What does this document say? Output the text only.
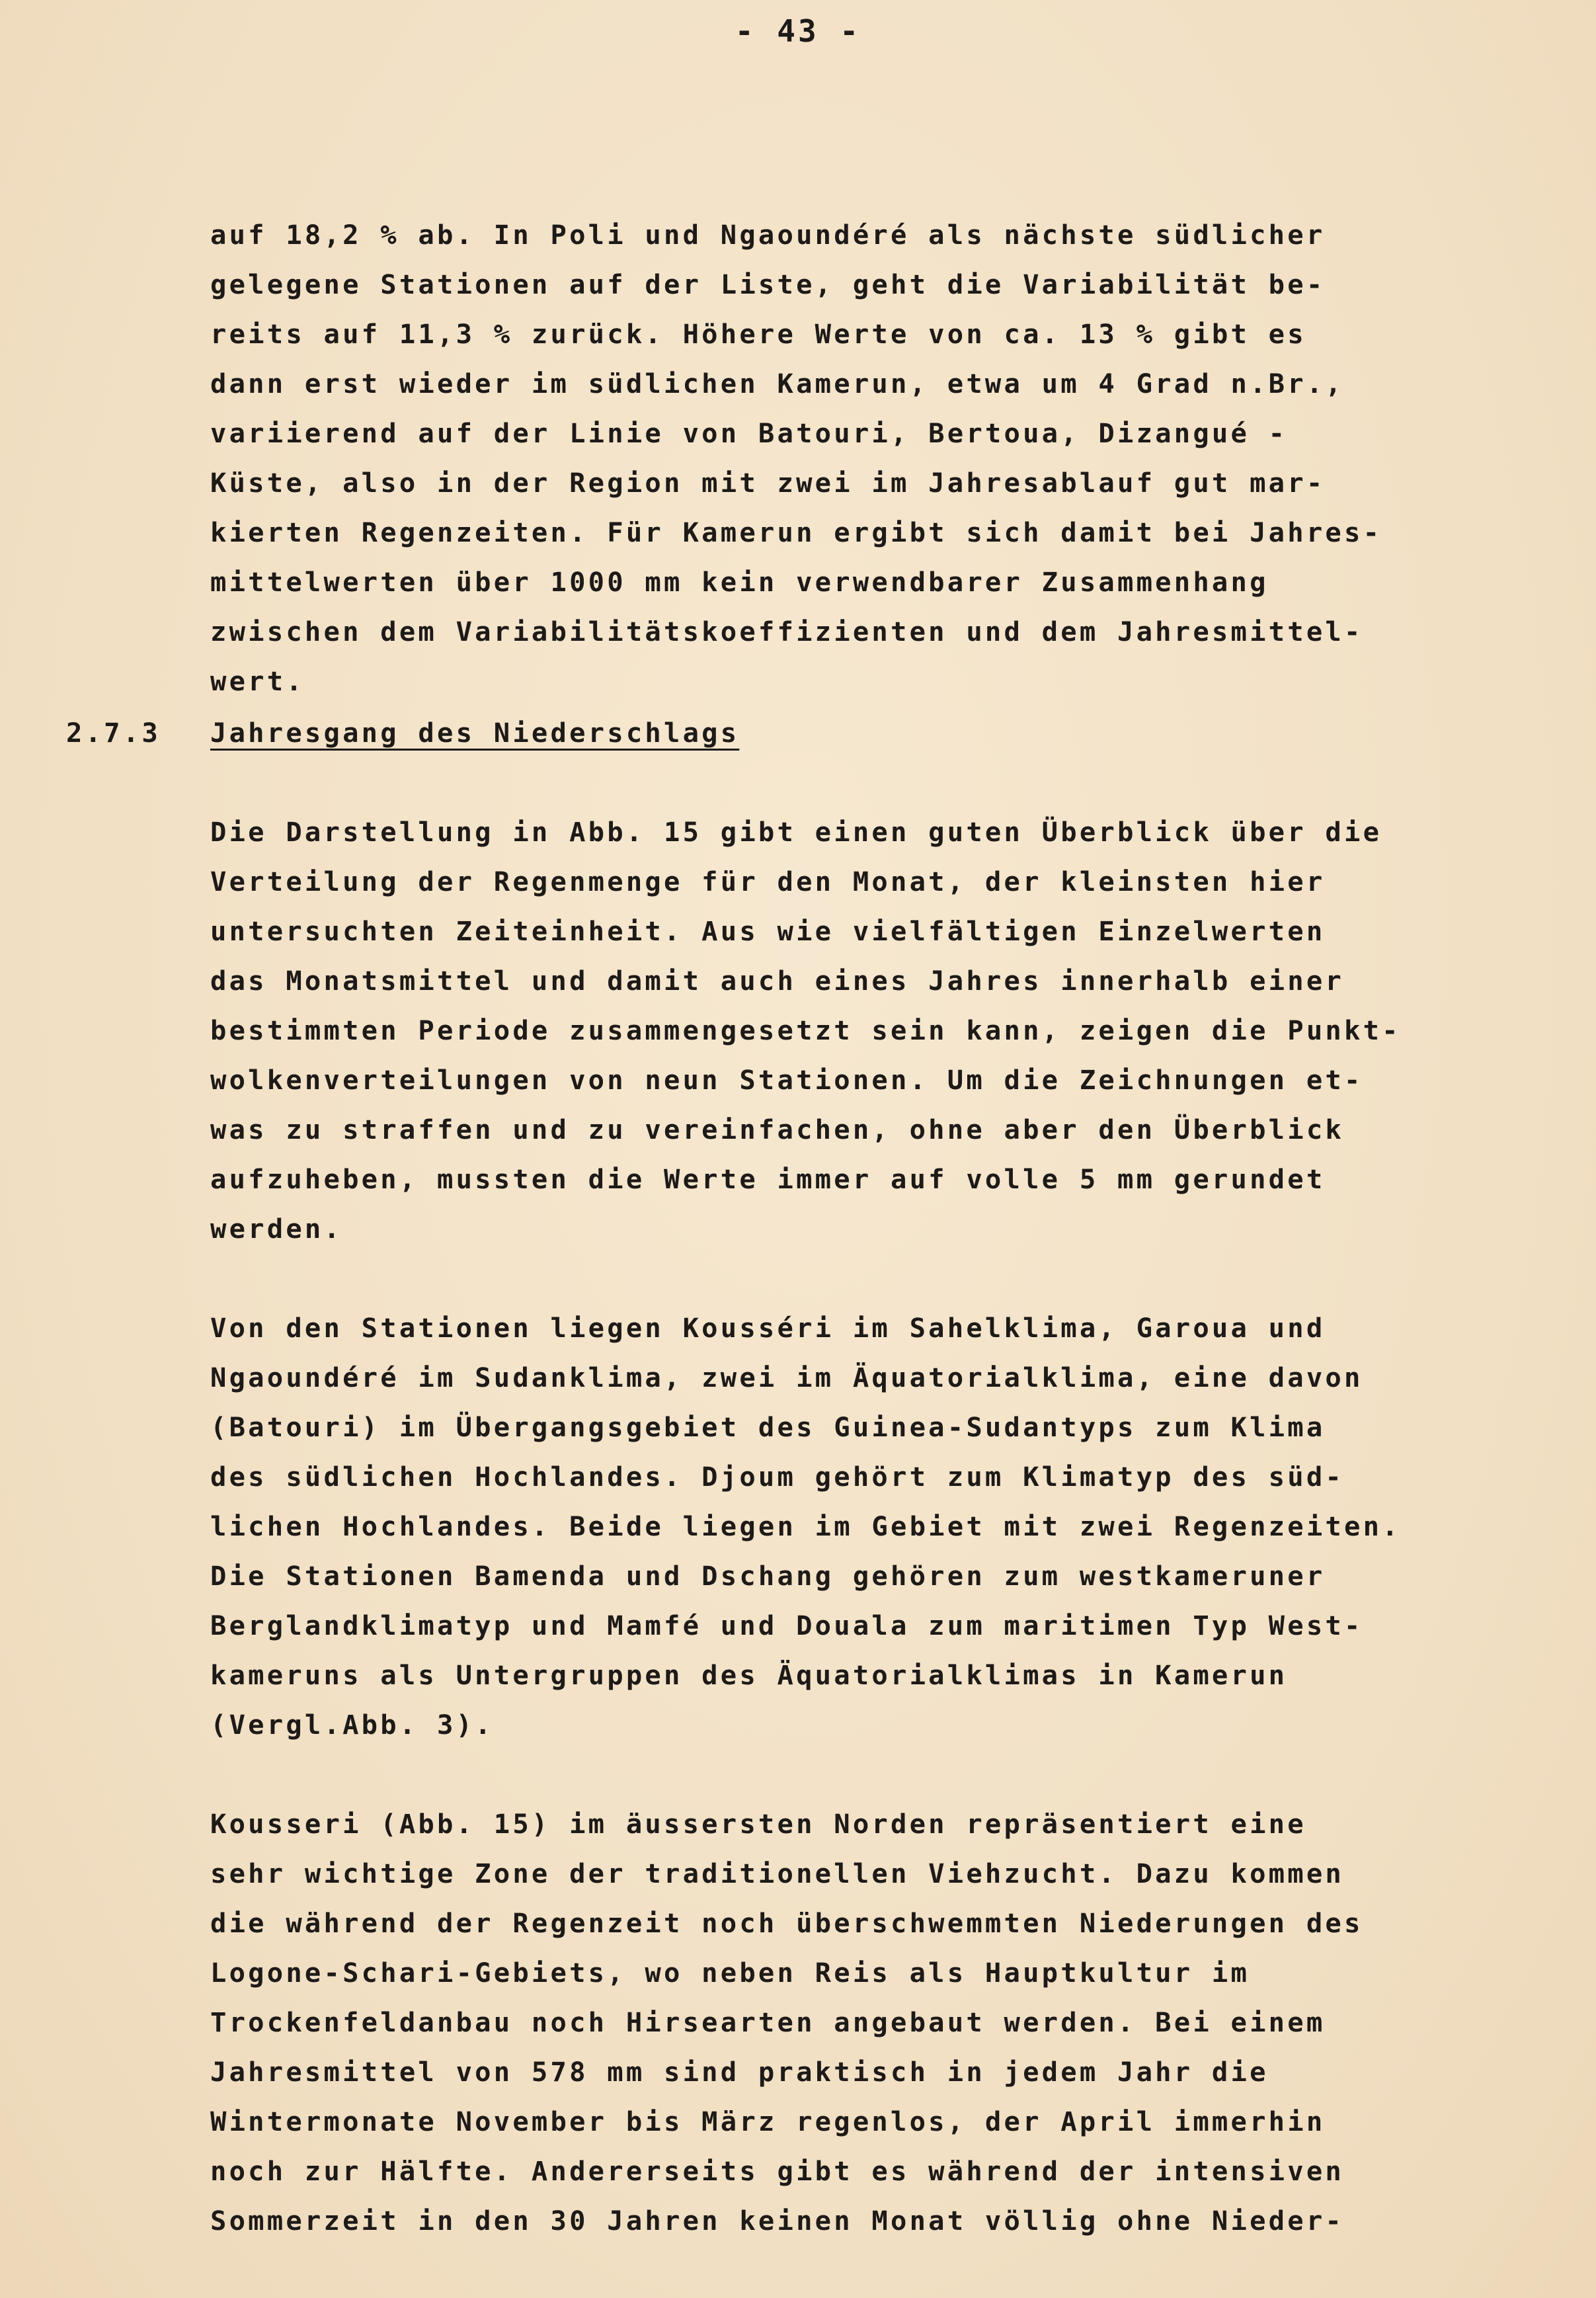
- 43 -
auf 18,2 % ab. In Poli und Ngaoundéré als nächste südlicher
gelegene Stationen auf der Liste, geht die Variabilität be-
reits auf 11,3 % zurück. Höhere Werte von ca. 13 % gibt es
dann erst wieder im südlichen Kamerun, etwa um 4 Grad n.Br.,
variierend auf der Linie von Batouri, Bertoua, Dizangué -
Küste, also in der Region mit zwei im Jahresablauf gut mar-
kierten Regenzeiten. Für Kamerun ergibt sich damit bei Jahres-
mittelwerten über 1000 mm kein verwendbarer Zusammenhang
zwischen dem Variabilitätskoeffizienten und dem Jahresmittel-
wert.
2.7.3 Jahresgang des Niederschlags
Die Darstellung in Abb. 15 gibt einen guten Überblick über die
Verteilung der Regenmenge für den Monat, der kleinsten hier
untersuchten Zeiteinheit. Aus wie vielfältigen Einzelwerten
das Monatsmittel und damit auch eines Jahres innerhalb einer
bestimmten Periode zusammengesetzt sein kann, zeigen die Punkt-
wolkenverteilungen von neun Stationen. Um die Zeichnungen et-
was zu straffen und zu vereinfachen, ohne aber den Überblick
aufzuheben, mussten die Werte immer auf volle 5 mm gerundet
werden.
Von den Stationen liegen Kousséri im Sahelklima, Garoua und
Ngaoundéré im Sudanklima, zwei im Äquatorialklima, eine davon
(Batouri) im Übergangsgebiet des Guinea-Sudantyps zum Klima
des südlichen Hochlandes. Djoum gehört zum Klimatyp des süd-
lichen Hochlandes. Beide liegen im Gebiet mit zwei Regenzeiten.
Die Stationen Bamenda und Dschang gehören zum westkameruner
Berglandklimatyp und Mamfé und Douala zum maritimen Typ West-
kameruns als Untergruppen des Äquatorialklimas in Kamerun
(Vergl.Abb. 3).
Kousseri (Abb. 15) im äussersten Norden repräsentiert eine
sehr wichtige Zone der traditionellen Viehzucht. Dazu kommen
die während der Regenzeit noch überschwemmten Niederungen des
Logone-Schari-Gebiets, wo neben Reis als Hauptkultur im
Trockenfeldanbau noch Hirsearten angebaut werden. Bei einem
Jahresmittel von 578 mm sind praktisch in jedem Jahr die
Wintermonate November bis März regenlos, der April immerhin
noch zur Hälfte. Andererseits gibt es während der intensiven
Sommerzeit in den 30 Jahren keinen Monat völlig ohne Nieder-
